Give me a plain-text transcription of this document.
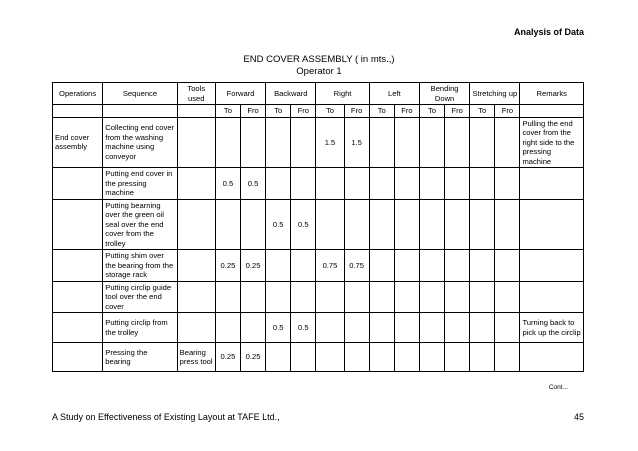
Analysis of Data
END COVER ASSEMBLY ( in mts.,)
Operator 1
Operations	Sequence	Tools used	Forward		Backward		Right		Left		Bending Down		Stretching up		Remarks
			To	Fro	To	Fro	To	Fro	To	Fro	To	Fro	To	Fro	
End cover assembly	Collecting end cover from the washing machine using conveyor						1.5	1.5							Pulling the end cover from the right side to the pressing machine
	Putting end cover in the pressing machine		0.5	0.5											
	Putting bearning over the green oil seal over the end cover from the trolley				0.5	0.5									
	Putting shim over the bearing from the storage rack		0.25	0.25			0.75	0.75							
	Putting circlip guide tool over the end cover														
	Putting circlip from the trolley				0.5	0.5									Turning back to pick up the circlip
	Pressing the bearing	Bearing press tool	0.25	0.25											
Cont...
A Study on Effectiveness of Existing Layout at TAFE Ltd.,	45
